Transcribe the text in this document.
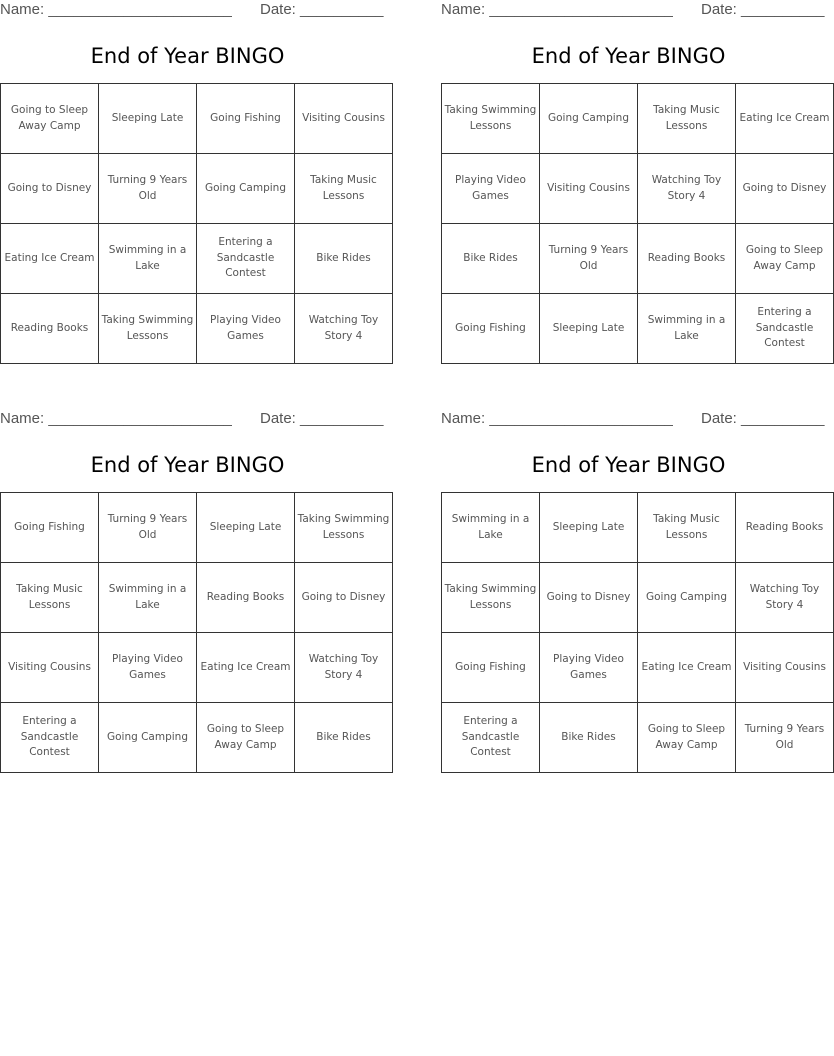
Name: ______________________ Date: __________
End of Year BINGO
Going to Sleep Away Camp	Sleeping Late	Going Fishing	Visiting Cousins
Going to Disney	Turning 9 Years Old	Going Camping	Taking Music Lessons
Eating Ice Cream	Swimming in a Lake	Entering a Sandcastle Contest	Bike Rides
Reading Books	Taking Swimming Lessons	Playing Video Games	Watching Toy Story 4
Name: ______________________ Date: __________
End of Year BINGO
Taking Swimming Lessons	Going Camping	Taking Music Lessons	Eating Ice Cream
Playing Video Games	Visiting Cousins	Watching Toy Story 4	Going to Disney
Bike Rides	Turning 9 Years Old	Reading Books	Going to Sleep Away Camp
Going Fishing	Sleeping Late	Swimming in a Lake	Entering a Sandcastle Contest
Name: ______________________ Date: __________
End of Year BINGO
Going Fishing	Turning 9 Years Old	Sleeping Late	Taking Swimming Lessons
Taking Music Lessons	Swimming in a Lake	Reading Books	Going to Disney
Visiting Cousins	Playing Video Games	Eating Ice Cream	Watching Toy Story 4
Entering a Sandcastle Contest	Going Camping	Going to Sleep Away Camp	Bike Rides
Name: ______________________ Date: __________
End of Year BINGO
Swimming in a Lake	Sleeping Late	Taking Music Lessons	Reading Books
Taking Swimming Lessons	Going to Disney	Going Camping	Watching Toy Story 4
Going Fishing	Playing Video Games	Eating Ice Cream	Visiting Cousins
Entering a Sandcastle Contest	Bike Rides	Going to Sleep Away Camp	Turning 9 Years Old
